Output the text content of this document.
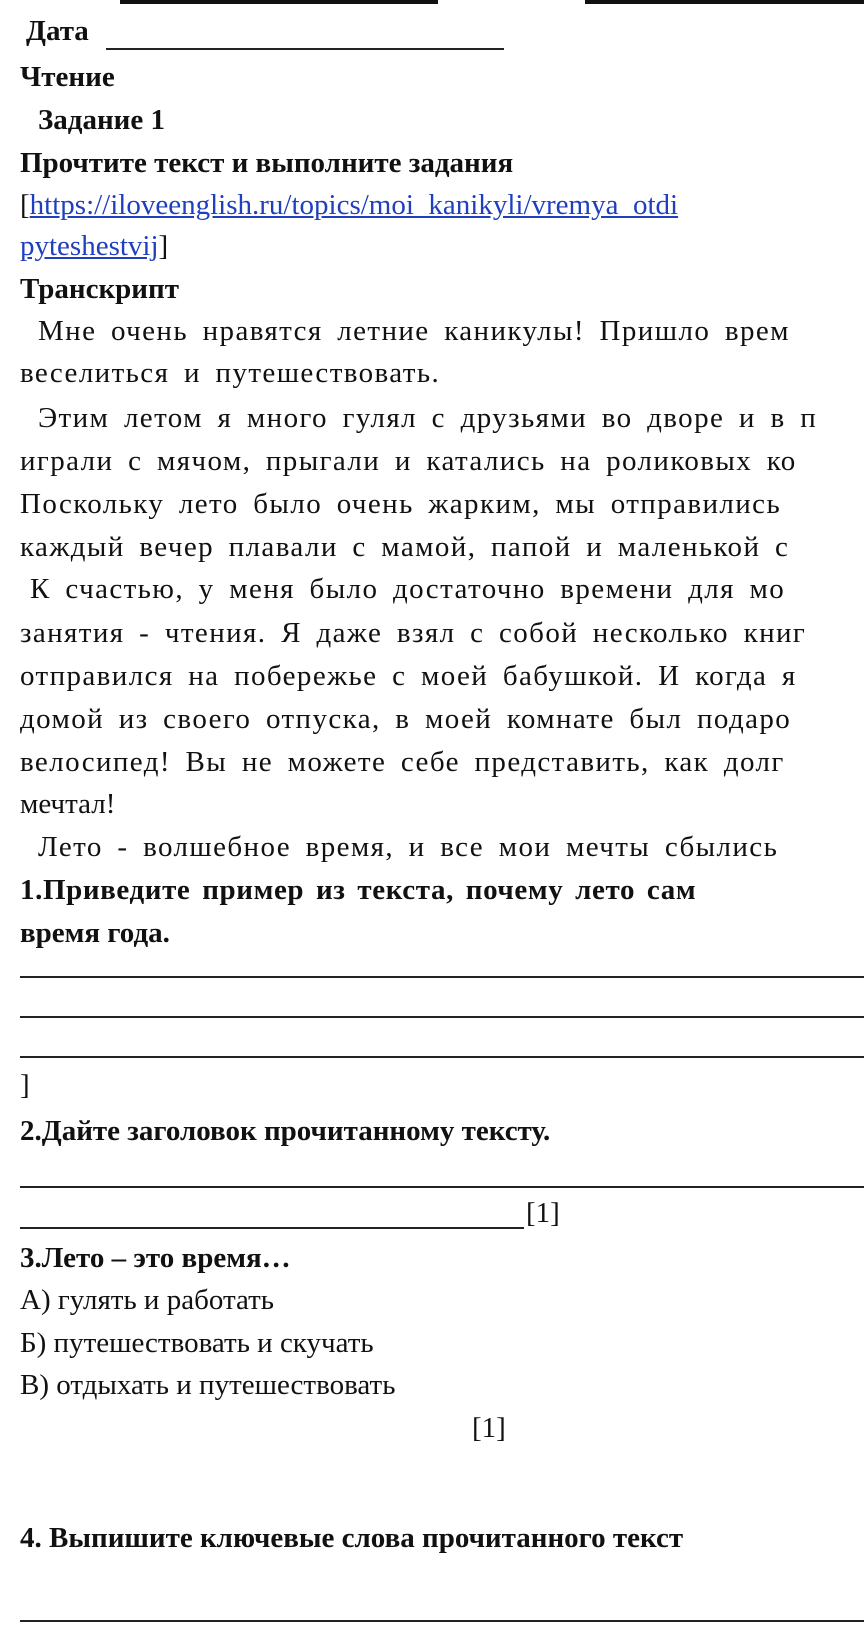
Дата
Чтение
Задание 1
Прочтите текст и выполните задания
[https://iloveenglish.ru/topics/moi_kanikyli/vremya_otdi
pyteshestvij]
Транскрипт
Мне очень нравятся летние каникулы! Пришло врем
веселиться и путешествовать.
Этим летом я много гулял с друзьями во дворе и в п
играли с мячом, прыгали и катались на роликовых ко
Поскольку лето было очень жарким, мы отправились
каждый вечер плавали с мамой, папой и маленькой с
К счастью, у меня было достаточно времени для мо
занятия - чтения. Я даже взял с собой несколько книг
отправился на побережье с моей бабушкой. И когда я
домой из своего отпуска, в моей комнате был подаро
велосипед! Вы не можете себе представить, как долг
мечтал!
Лето - волшебное время, и все мои мечты сбылись
1.Приведите пример из текста, почему лето сам
время года.
]
2.Дайте заголовок прочитанному тексту.
[1]
3.Лето – это время…
А) гулять и работать
Б) путешествовать и скучать
В) отдыхать и путешествовать
[1]
4. Выпишите ключевые слова прочитанного текст
